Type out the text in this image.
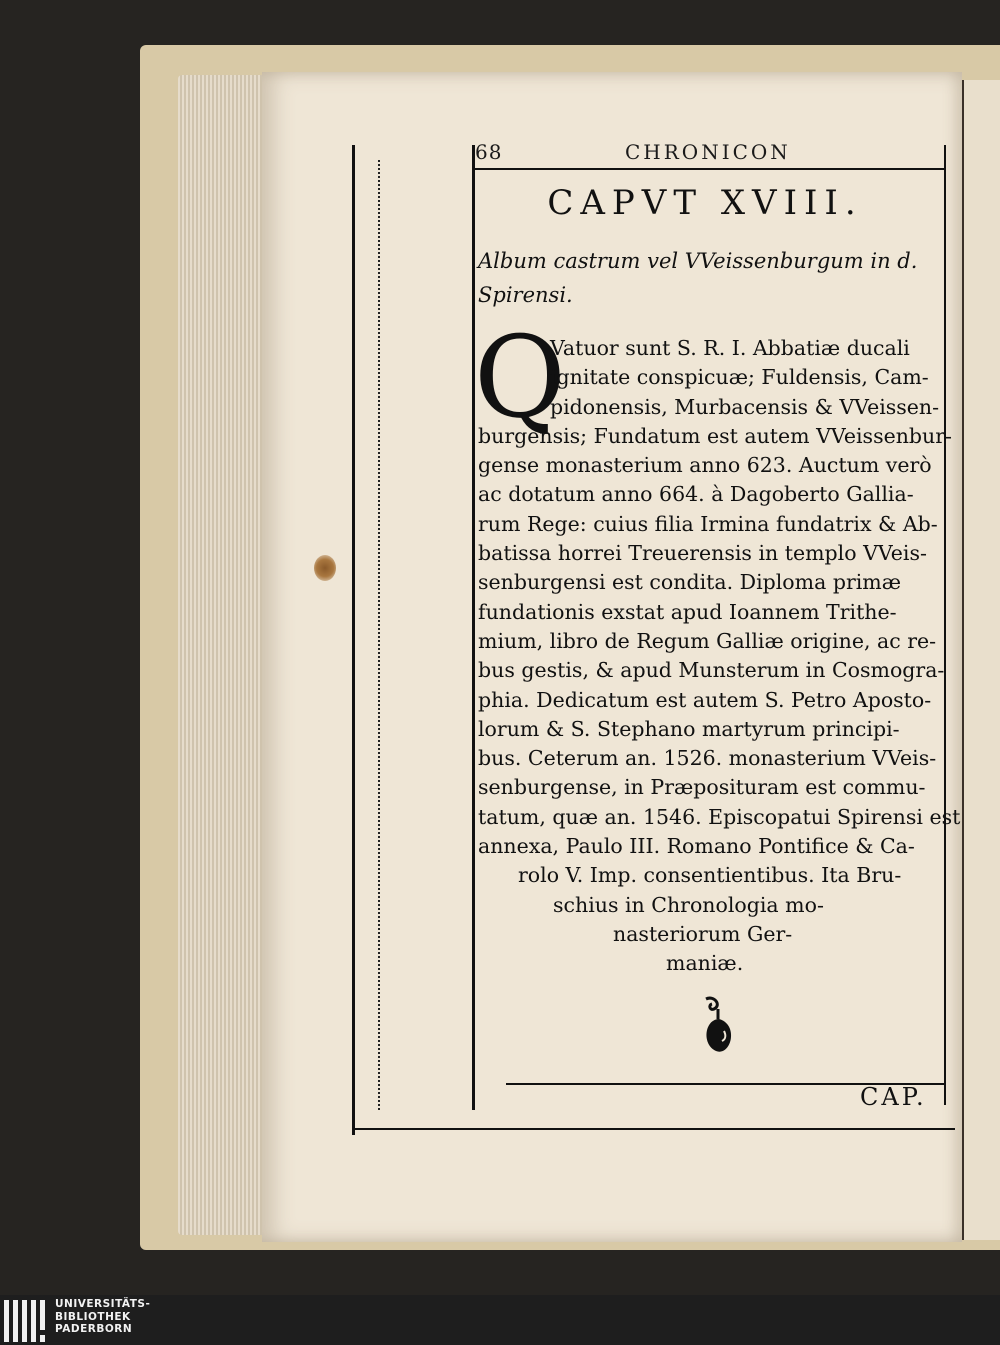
68	CHRONICON
CAPVT XVIII.
Album castrum vel VVeissenburgum in d. Spirensi.
Q
Vatuor sunt S. R. I. Abbatiæ ducali
ignitate conspicuæ; Fuldensis, Cam-
pidonensis, Murbacensis & VVeissen-
burgensis; Fundatum est autem VVeissenbur-
gense monasterium anno 623. Auctum verò
ac dotatum anno 664. à Dagoberto Gallia-
rum Rege: cuius filia Irmina fundatrix & Ab-
batissa horrei Treuerensis in templo VVeis-
senburgensi est condita. Diploma primæ
fundationis exstat apud Ioannem Trithe-
mium, libro de Regum Galliæ origine, ac re-
bus gestis, & apud Munsterum in Cosmogra-
phia. Dedicatum est autem S. Petro Aposto-
lorum & S. Stephano martyrum principi-
bus. Ceterum an. 1526. monasterium VVeis-
senburgense, in Præposituram est commu-
tatum, quæ an. 1546. Episcopatui Spirensi est
annexa, Paulo III. Romano Pontifice & Ca-
rolo V. Imp. consentientibus. Ita Bru-
schius in Chronologia mo-
nasteriorum Ger-
maniæ.
CAP.
UNIVERSITÄTS-
BIBLIOTHEK
PADERBORN
